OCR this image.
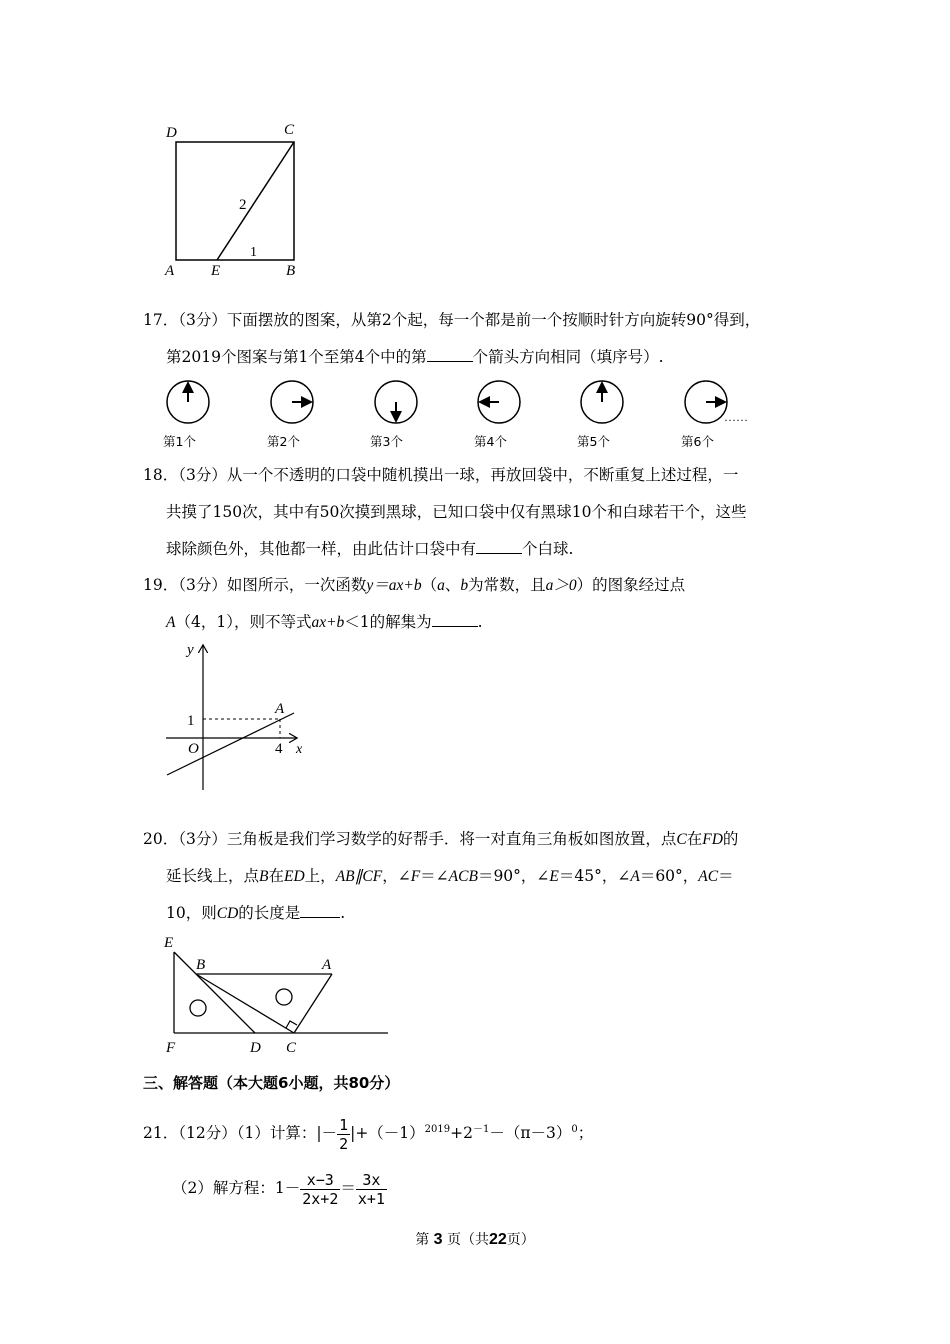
D	C
A E	B
2
1
17．（3分）下面摆放的图案，从第2个起，每一个都是前一个按顺时针方向旋转90°得到，
第2019个图案与第1个至第4个中的第	个箭头方向相同（填序号）.
……
第1个	第2个	第3个	第4个	第5个	第6个
18．（3分）从一个不透明的口袋中随机摸出一球，再放回袋中，不断重复上述过程，一
共摸了150次，其中有50次摸到黑球，已知口袋中仅有黑球10个和白球若干个，这些
球除颜色外，其他都一样，由此估计口袋中有	个白球.
19．（3分）如图所示，一次函数y＝ax+b（a、b为常数，且a＞0）的图象经过点
A（4，1），则不等式ax+b＜1的解集为	.
y
1
A
O	4 x
20．（3分）三角板是我们学习数学的好帮手．将一对直角三角板如图放置，点C在FD的
延长线上，点B在ED上，AB∥CF，∠F＝∠ACB＝90°，∠E＝45°，∠A＝60°，AC＝
10，则CD的长度是	.
E
B	A
F	D C
三、解答题（本大题6小题，共80分）
21．（12分）（1）计算：|－ $\frac{1}{2} |+(-1)^{2019}+2^{-1}-(\pi-3)^0$；
（2）解方程：$1- \frac{x-3}{2x+2} = \frac{3x}{x+1}$
第 3 页（共22页）
